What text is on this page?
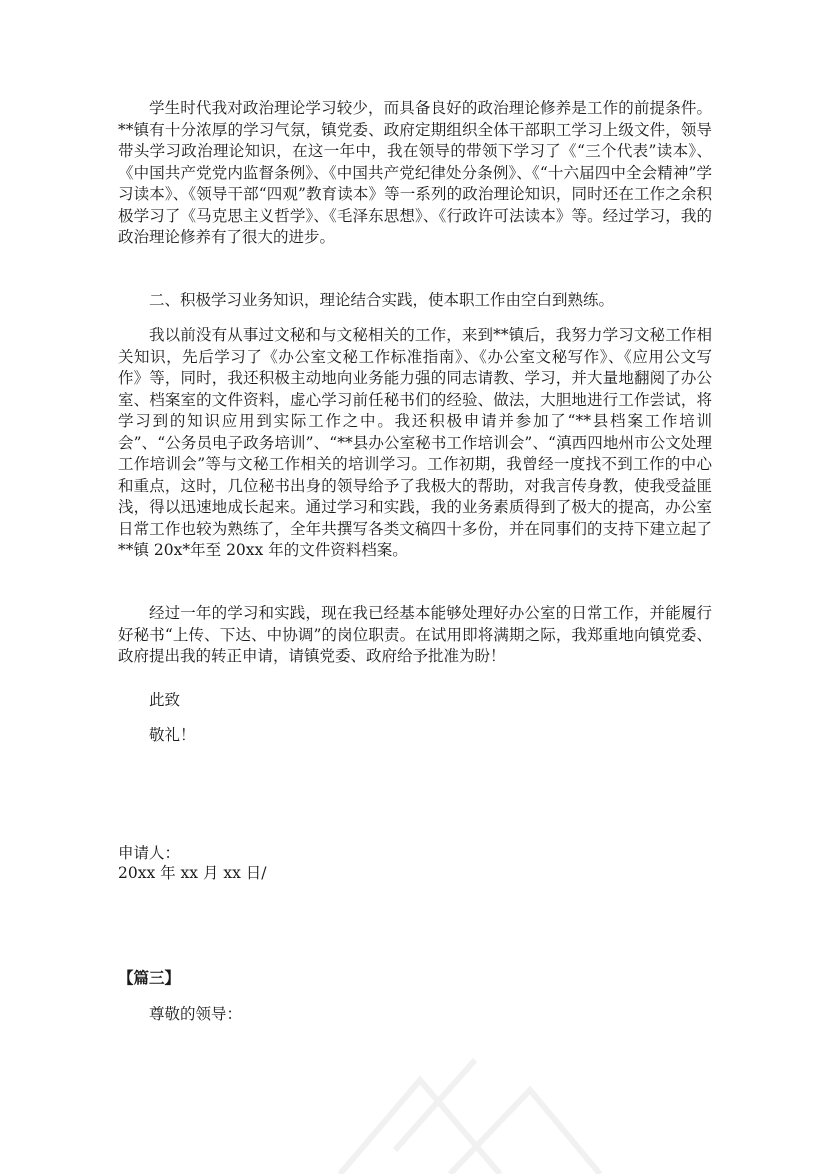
学生时代我对政治理论学习较少，而具备良好的政治理论修养是工作的前提条件。**镇有十分浓厚的学习气氛，镇党委、政府定期组织全体干部职工学习上级文件，领导带头学习政治理论知识，在这一年中，我在领导的带领下学习了《“三个代表”读本》、《中国共产党党内监督条例》、《中国共产党纪律处分条例》、《“十六届四中全会精神”学习读本》、《领导干部“四观”教育读本》等一系列的政治理论知识，同时还在工作之余积极学习了《马克思主义哲学》、《毛泽东思想》、《行政许可法读本》等。经过学习，我的政治理论修养有了很大的进步。

二、积极学习业务知识，理论结合实践，使本职工作由空白到熟练。

我以前没有从事过文秘和与文秘相关的工作，来到**镇后，我努力学习文秘工作相关知识，先后学习了《办公室文秘工作标准指南》、《办公室文秘写作》、《应用公文写作》等，同时，我还积极主动地向业务能力强的同志请教、学习，并大量地翻阅了办公室、档案室的文件资料，虚心学习前任秘书们的经验、做法，大胆地进行工作尝试，将学习到的知识应用到实际工作之中。我还积极申请并参加了“**县档案工作培训会”、“公务员电子政务培训”、“**县办公室秘书工作培训会”、“滇西四地州市公文处理工作培训会”等与文秘工作相关的培训学习。工作初期，我曾经一度找不到工作的中心和重点，这时，几位秘书出身的领导给予了我极大的帮助，对我言传身教，使我受益匪浅，得以迅速地成长起来。通过学习和实践，我的业务素质得到了极大的提高，办公室日常工作也较为熟练了，全年共撰写各类文稿四十多份，并在同事们的支持下建立起了**镇 20x*年至 20xx 年的文件资料档案。

经过一年的学习和实践，现在我已经基本能够处理好办公室的日常工作，并能履行好秘书“上传、下达、中协调”的岗位职责。在试用即将满期之际，我郑重地向镇党委、政府提出我的转正申请，请镇党委、政府给予批准为盼！

此致

敬礼！

申请人：

20xx 年 xx 月 xx 日/

【篇三】

尊敬的领导：
